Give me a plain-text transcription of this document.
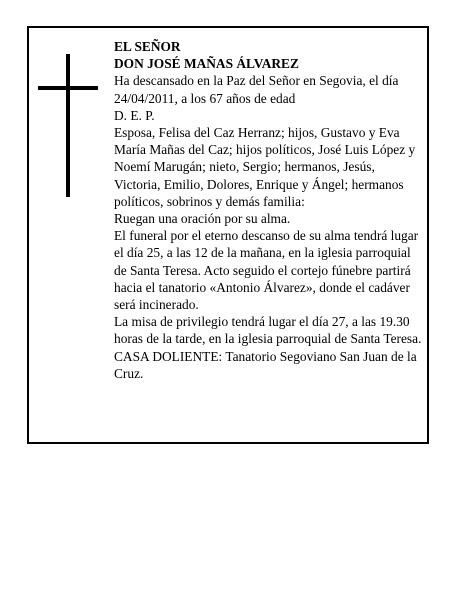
EL SEÑOR

DON JOSÉ MAÑAS ÁLVAREZ

Ha descansado en la Paz del Señor en Segovia, el día 24/04/2011, a los 67 años de edad

D. E. P.

Esposa, Felisa del Caz Herranz; hijos, Gustavo y Eva María Mañas del Caz; hijos políticos, José Luis López y Noemí Marugán; nieto, Sergio; hermanos, Jesús, Victoria, Emilio, Dolores, Enrique y Ángel; hermanos políticos, sobrinos y demás familia:

Ruegan una oración por su alma.

El funeral por el eterno descanso de su alma tendrá lugar el día 25, a las 12 de la mañana, en la iglesia parroquial de Santa Teresa. Acto seguido el cortejo fúnebre partirá hacia el tanatorio «Antonio Álvarez», donde el cadáver será incinerado.

La misa de privilegio tendrá lugar el día 27, a las 19.30 horas de la tarde, en la iglesia parroquial de Santa Teresa.

CASA DOLIENTE: Tanatorio Segoviano San Juan de la Cruz.
